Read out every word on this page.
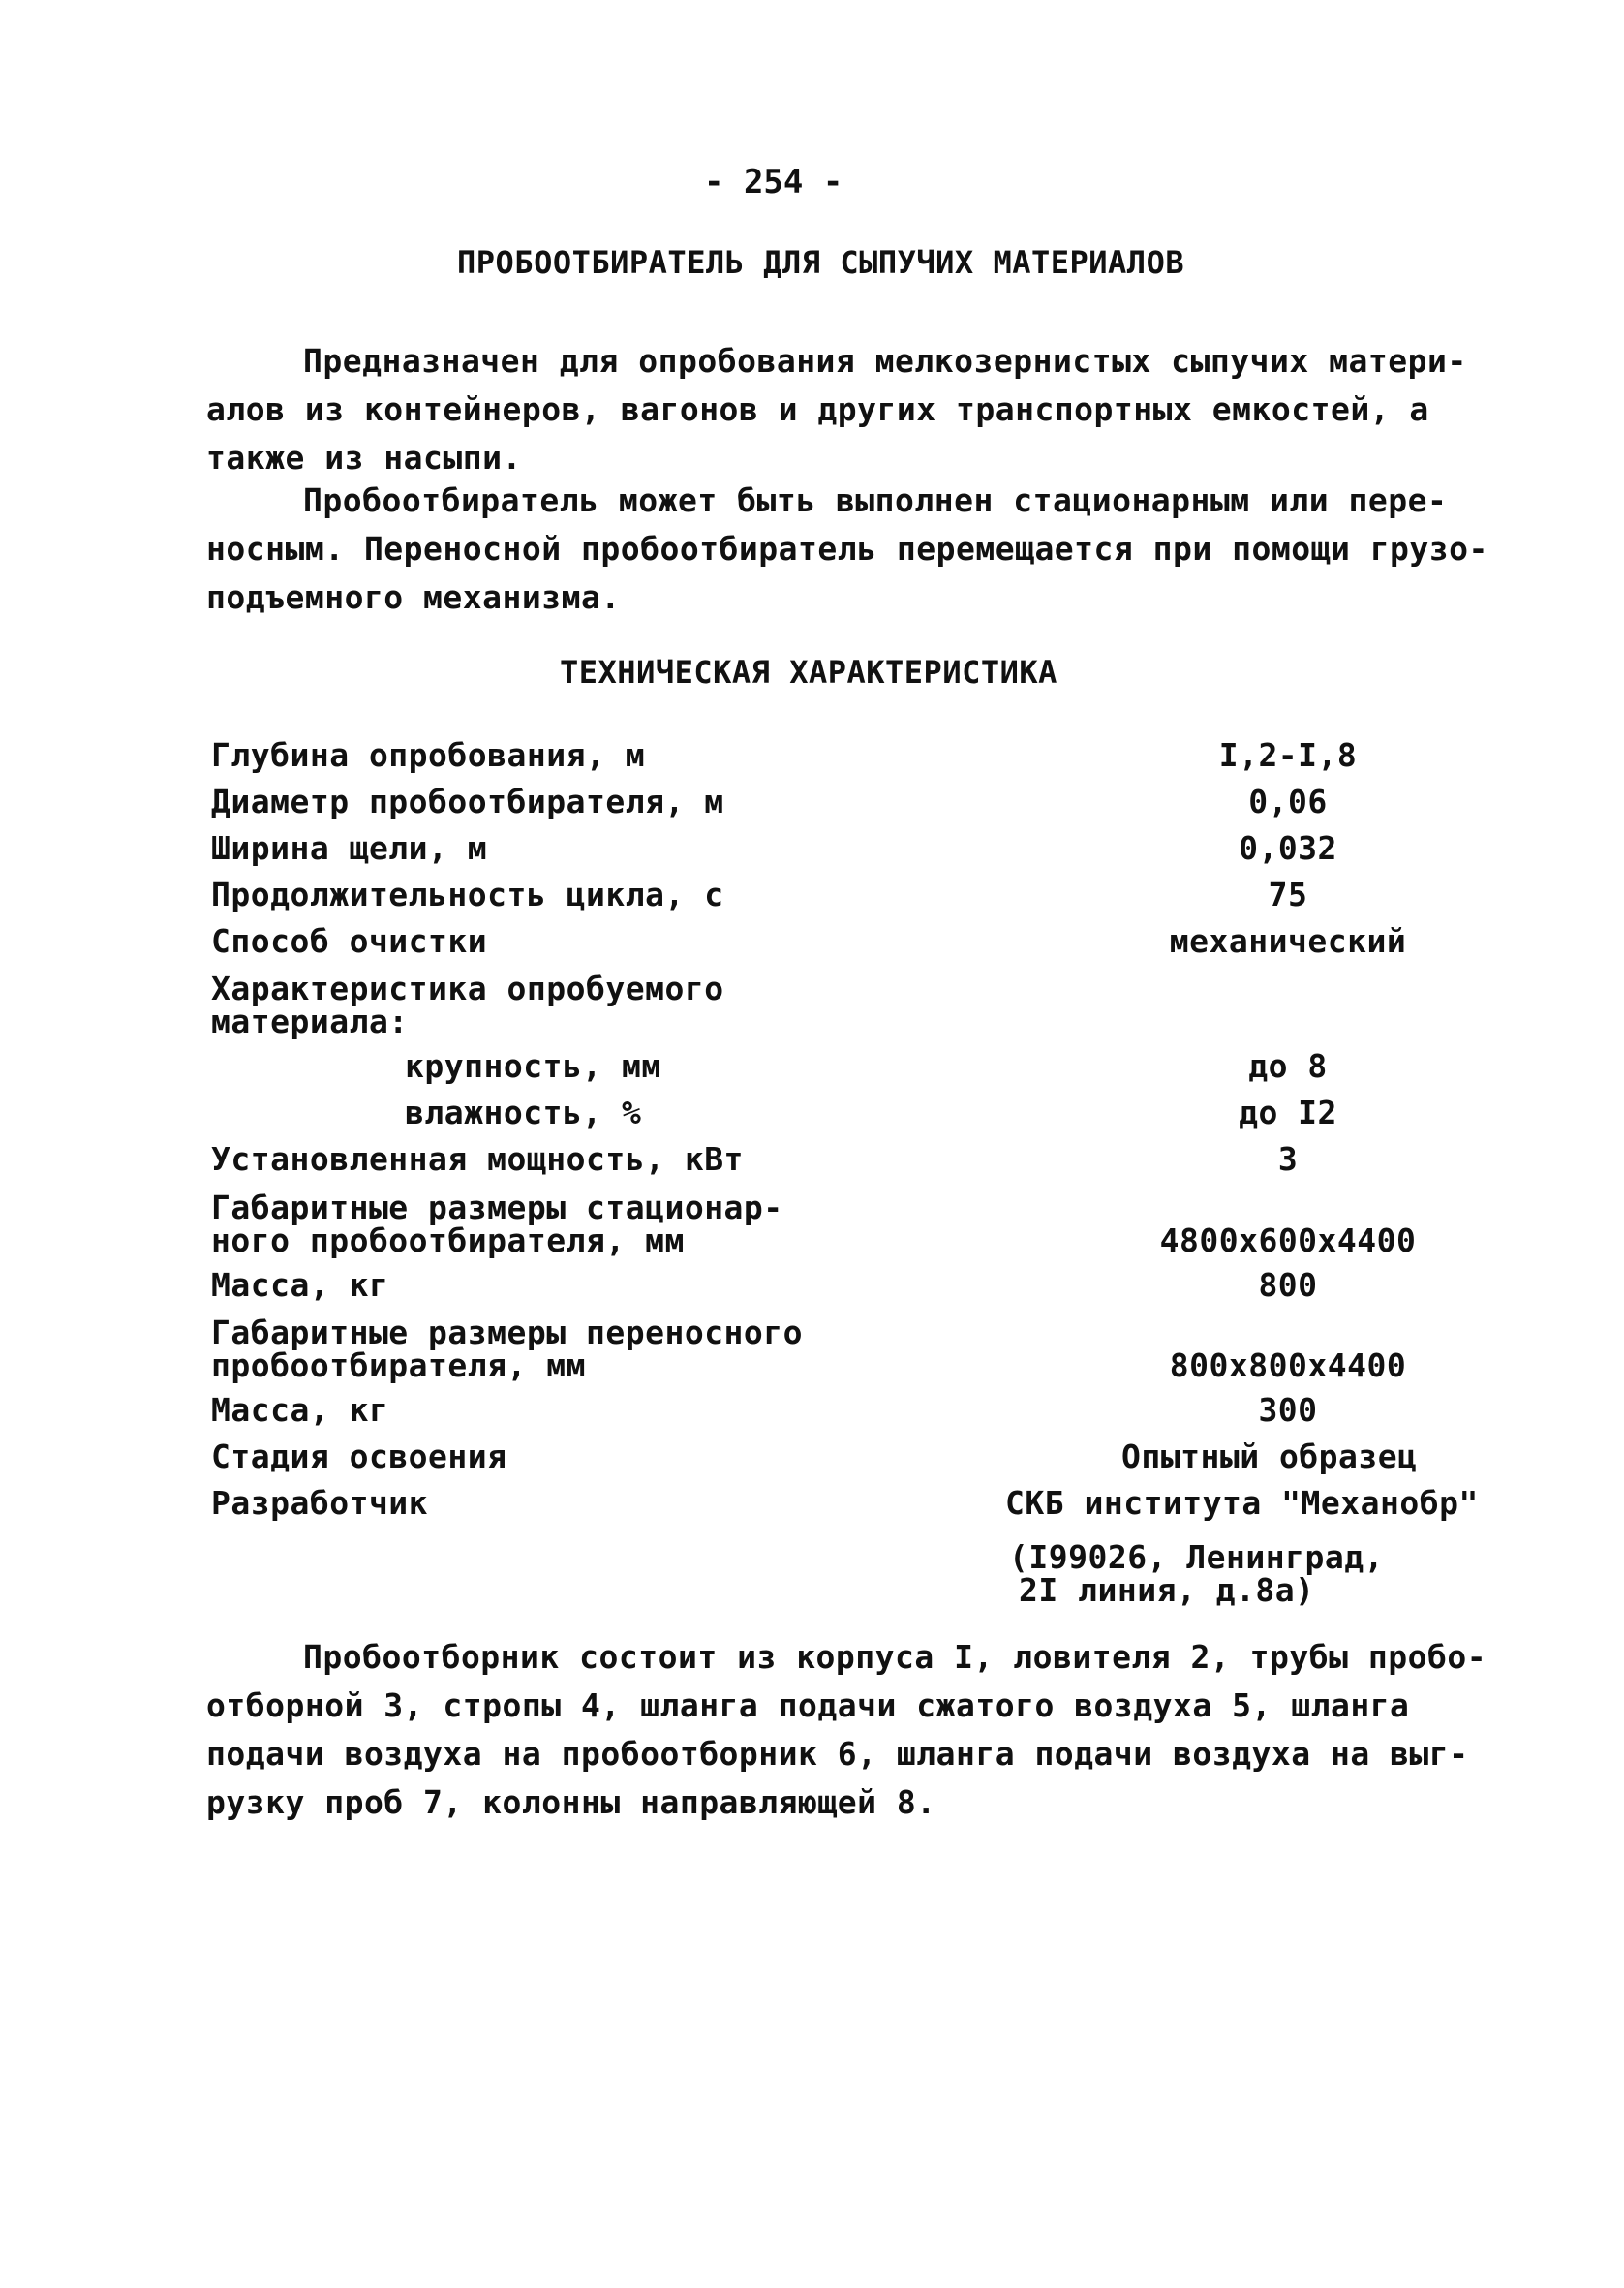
- 254 -
ПРОБООТБИРАТЕЛЬ ДЛЯ СЫПУЧИХ МАТЕРИАЛОВ
Предназначен для опробования мелкозернистых сыпучих матери-
алов из контейнеров, вагонов и других транспортных емкостей, а
также из насыпи.
Пробоотбиратель может быть выполнен стационарным или пере-
носным. Переносной пробоотбиратель перемещается при помощи грузо-
подъемного механизма.
ТЕХНИЧЕСКАЯ ХАРАКТЕРИСТИКА
Глубина опробования, м	I,2-I,8
Диаметр пробоотбирателя, м	0,06
Ширина щели, м	0,032
Продолжительность цикла, с	75
Способ очистки	механический
Характеристика опробуемого
материала:
крупность, мм	до 8
влажность, %	до I2
Установленная мощность, кВт	3
Габаритные размеры стационар-
ного пробоотбирателя, мм	4800x600x4400
Масса, кг	800
Габаритные размеры переносного
пробоотбирателя, мм	800x800x4400
Масса, кг	300
Стадия освоения	Опытный образец
Разработчик	СКБ института "Механобр"
(I99026, Ленинград,
2I линия, д.8а)
Пробоотборник состоит из корпуса I, ловителя 2, трубы пробо-
отборной 3, стропы 4, шланга подачи сжатого воздуха 5, шланга
подачи воздуха на пробоотборник 6, шланга подачи воздуха на выг-
рузку проб 7, колонны направляющей 8.
